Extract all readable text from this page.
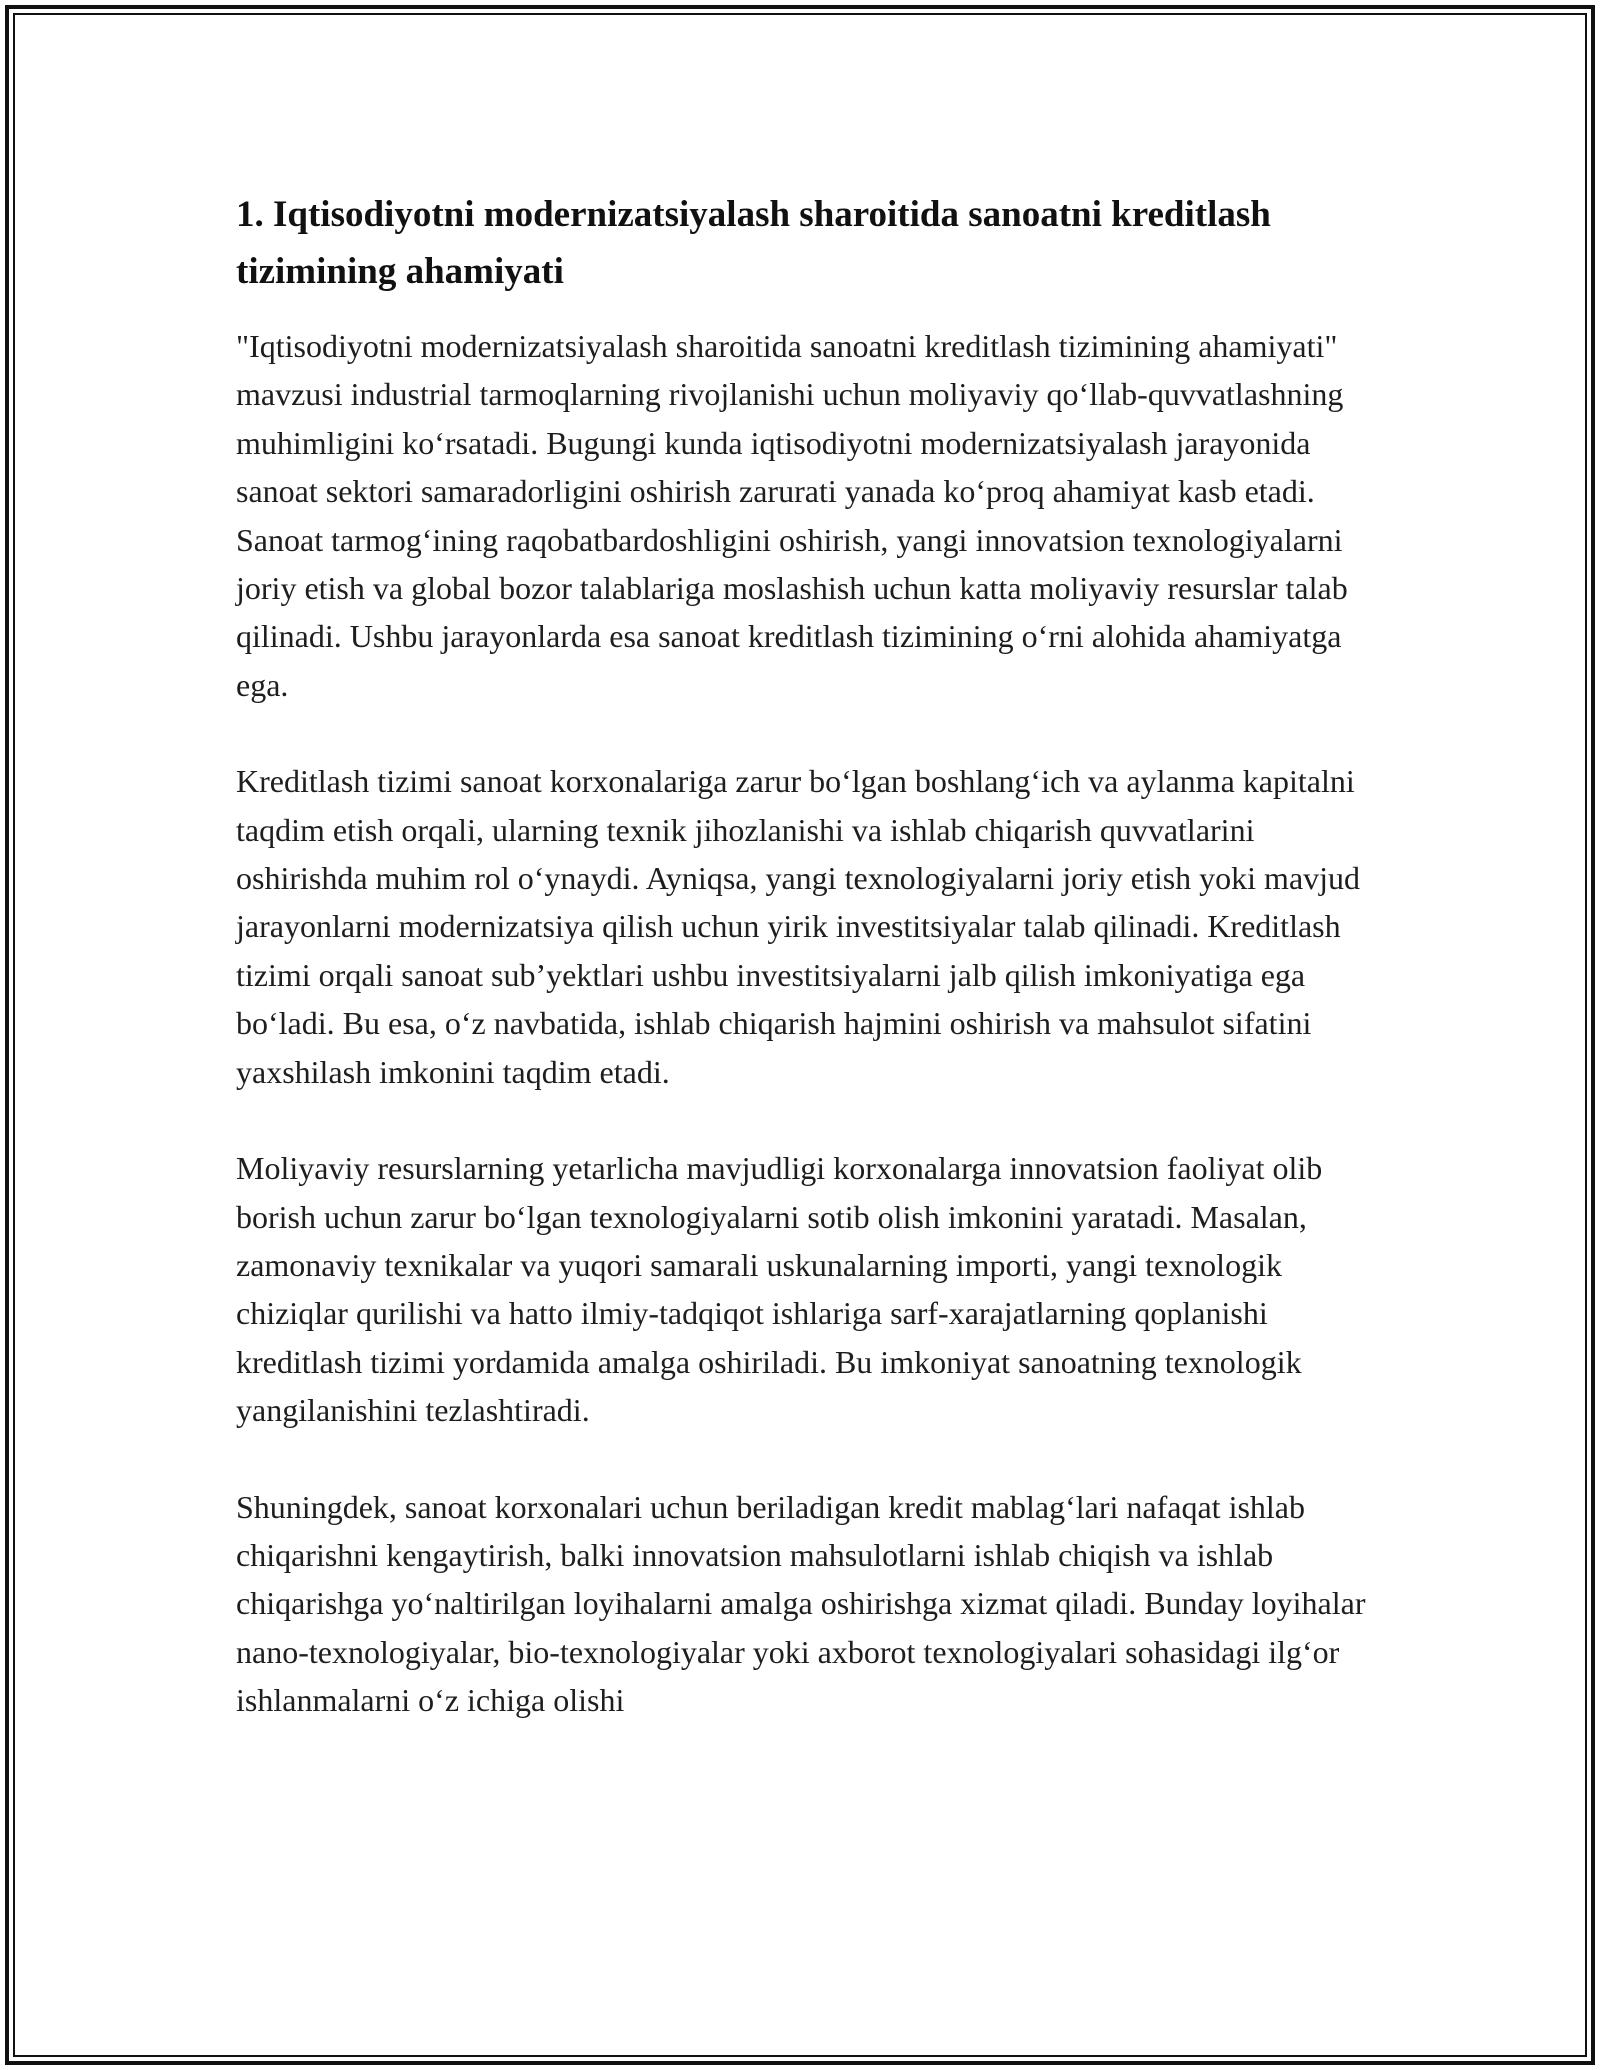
1. Iqtisodiyotni modernizatsiyalash sharoitida sanoatni kreditlash tizimining ahamiyati

"Iqtisodiyotni modernizatsiyalash sharoitida sanoatni kreditlash tizimining ahamiyati" mavzusi industrial tarmoqlarning rivojlanishi uchun moliyaviy qo‘llab-quvvatlashning muhimligini ko‘rsatadi. Bugungi kunda iqtisodiyotni modernizatsiyalash jarayonida sanoat sektori samaradorligini oshirish zarurati yanada ko‘proq ahamiyat kasb etadi. Sanoat tarmog‘ining raqobatbardoshligini oshirish, yangi innovatsion texnologiyalarni joriy etish va global bozor talablariga moslashish uchun katta moliyaviy resurslar talab qilinadi. Ushbu jarayonlarda esa sanoat kreditlash tizimining o‘rni alohida ahamiyatga ega.

Kreditlash tizimi sanoat korxonalariga zarur bo‘lgan boshlang‘ich va aylanma kapitalni taqdim etish orqali, ularning texnik jihozlanishi va ishlab chiqarish quvvatlarini oshirishda muhim rol o‘ynaydi. Ayniqsa, yangi texnologiyalarni joriy etish yoki mavjud jarayonlarni modernizatsiya qilish uchun yirik investitsiyalar talab qilinadi. Kreditlash tizimi orqali sanoat sub’yektlari ushbu investitsiyalarni jalb qilish imkoniyatiga ega bo‘ladi. Bu esa, o‘z navbatida, ishlab chiqarish hajmini oshirish va mahsulot sifatini yaxshilash imkonini taqdim etadi.

Moliyaviy resurslarning yetarlicha mavjudligi korxonalarga innovatsion faoliyat olib borish uchun zarur bo‘lgan texnologiyalarni sotib olish imkonini yaratadi. Masalan, zamonaviy texnikalar va yuqori samarali uskunalarning importi, yangi texnologik chiziqlar qurilishi va hatto ilmiy-tadqiqot ishlariga sarf-xarajatlarning qoplanishi kreditlash tizimi yordamida amalga oshiriladi. Bu imkoniyat sanoatning texnologik yangilanishini tezlashtiradi.

Shuningdek, sanoat korxonalari uchun beriladigan kredit mablag‘lari nafaqat ishlab chiqarishni kengaytirish, balki innovatsion mahsulotlarni ishlab chiqish va ishlab chiqarishga yo‘naltirilgan loyihalarni amalga oshirishga xizmat qiladi. Bunday loyihalar nano-texnologiyalar, bio-texnologiyalar yoki axborot texnologiyalari sohasidagi ilg‘or ishlanmalarni o‘z ichiga olishi
